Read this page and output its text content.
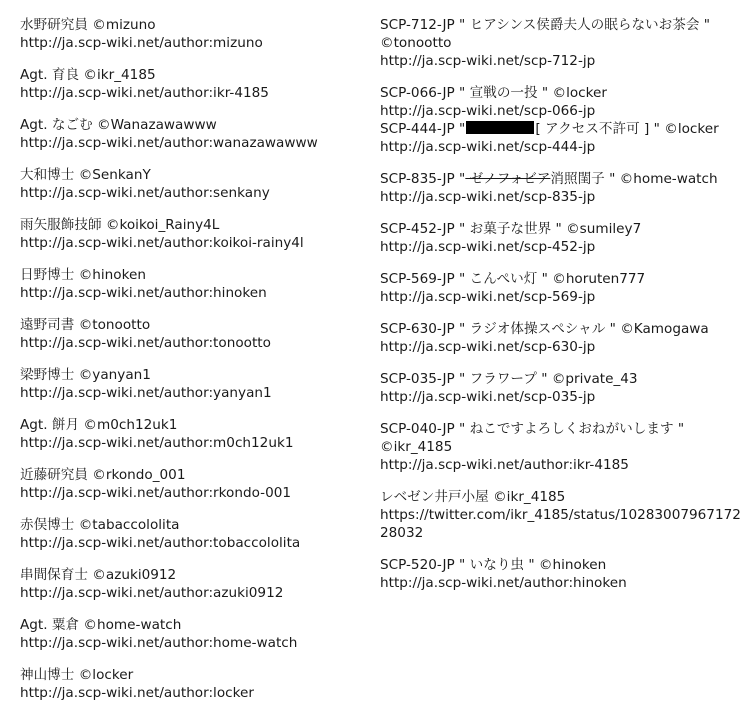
水野研究員 ©mizuno
http://ja.scp-wiki.net/author:mizuno
Agt. 育良 ©ikr_4185
http://ja.scp-wiki.net/author:ikr-4185
Agt. なごむ ©Wanazawawww
http://ja.scp-wiki.net/author:wanazawawww
大和博士 ©SenkanY
http://ja.scp-wiki.net/author:senkany
雨矢服飾技師 ©koikoi_Rainy4L
http://ja.scp-wiki.net/author:koikoi-rainy4l
日野博士 ©hinoken
http://ja.scp-wiki.net/author:hinoken
遠野司書 ©tonootto
http://ja.scp-wiki.net/author:tonootto
梁野博士 ©yanyan1
http://ja.scp-wiki.net/author:yanyan1
Agt. 餅月 ©m0ch12uk1
http://ja.scp-wiki.net/author:m0ch12uk1
近藤研究員 ©rkondo_001
http://ja.scp-wiki.net/author:rkondo-001
赤俣博士 ©tabaccololita
http://ja.scp-wiki.net/author:tobaccololita
串間保育士 ©azuki0912
http://ja.scp-wiki.net/author:azuki0912
Agt. 粟倉 ©home-watch
http://ja.scp-wiki.net/author:home-watch
神山博士 ©locker
http://ja.scp-wiki.net/author:locker
SCP-712-JP " ヒアシンス侯爵夫人の眠らないお茶会 "
©tonootto
http://ja.scp-wiki.net/scp-712-jp
SCP-066-JP " 宣戦の一投 " ©locker
http://ja.scp-wiki.net/scp-066-jp
SCP-444-JP "	[ アクセス不許可 ] " ©locker
http://ja.scp-wiki.net/scp-444-jp
SCP-835-JP " ゼノフォビア消照閨子 " ©home-watch
http://ja.scp-wiki.net/scp-835-jp
SCP-452-JP " お菓子な世界 " ©sumiley7
http://ja.scp-wiki.net/scp-452-jp
SCP-569-JP " こんぺい灯 " ©horuten777
http://ja.scp-wiki.net/scp-569-jp
SCP-630-JP " ラジオ体操スペシャル " ©Kamogawa
http://ja.scp-wiki.net/scp-630-jp
SCP-035-JP " フラワープ " ©private_43
http://ja.scp-wiki.net/scp-035-jp
SCP-040-JP " ねこですよろしくおねがいします "
©ikr_4185
http://ja.scp-wiki.net/author:ikr-4185
レベゼン井戸小屋 ©ikr_4185
https://twitter.com/ikr_4185/status/1028300796717228032
SCP-520-JP " いなり虫 " ©hinoken
http://ja.scp-wiki.net/author:hinoken
